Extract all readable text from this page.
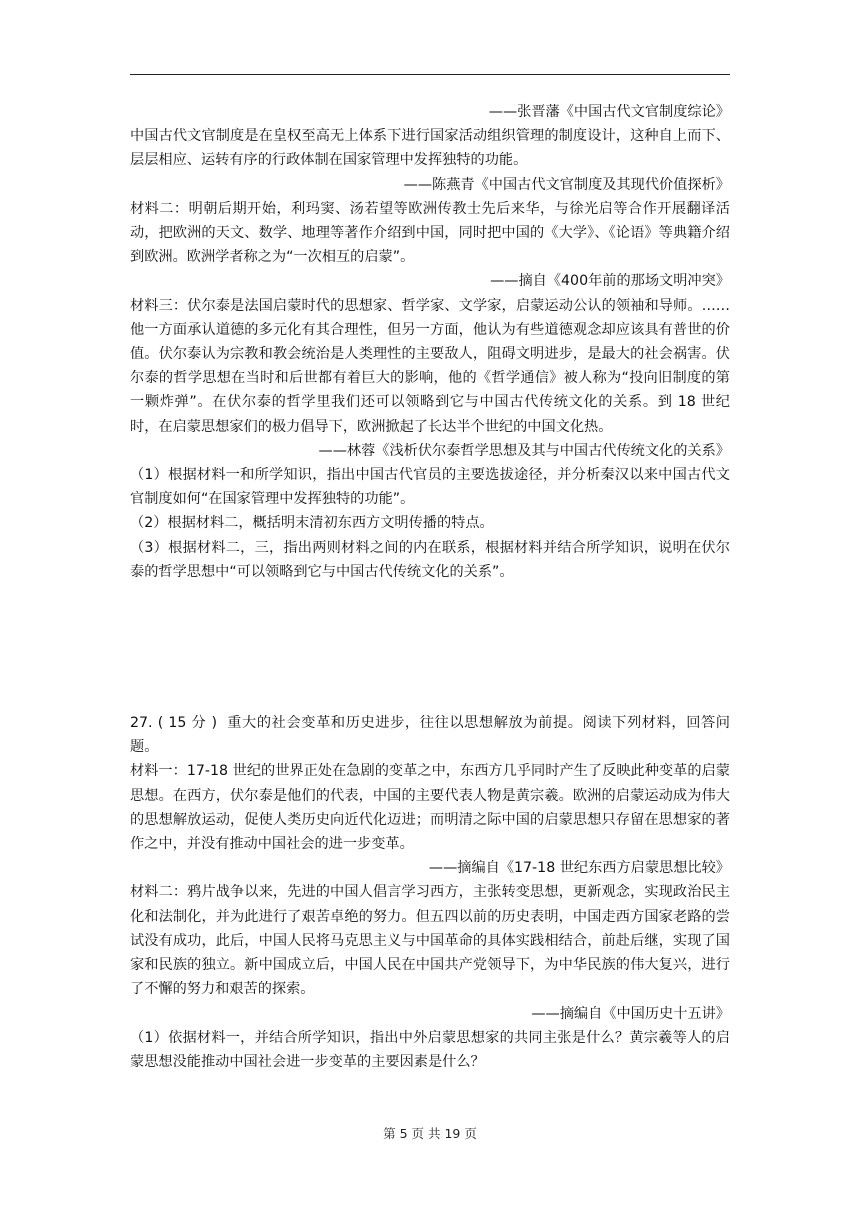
——张晋藩《中国古代文官制度综论》

中国古代文官制度是在皇权至高无上体系下进行国家活动组织管理的制度设计，这种自上而下、层层相应、运转有序的行政体制在国家管理中发挥独特的功能。

——陈燕青《中国古代文官制度及其现代价值探析》

材料二：明朝后期开始，利玛窦、汤若望等欧洲传教士先后来华，与徐光启等合作开展翻译活动，把欧洲的天文、数学、地理等著作介绍到中国，同时把中国的《大学》、《论语》等典籍介绍到欧洲。欧洲学者称之为“一次相互的启蒙”。

——摘自《400年前的那场文明冲突》

材料三：伏尔泰是法国启蒙时代的思想家、哲学家、文学家，启蒙运动公认的领袖和导师。……他一方面承认道德的多元化有其合理性，但另一方面，他认为有些道德观念却应该具有普世的价值。伏尔泰认为宗教和教会统治是人类理性的主要敌人，阻碍文明进步，是最大的社会祸害。伏尔泰的哲学思想在当时和后世都有着巨大的影响，他的《哲学通信》被人称为“投向旧制度的第一颗炸弹”。在伏尔泰的哲学里我们还可以领略到它与中国古代传统文化的关系。到 18 世纪时，在启蒙思想家们的极力倡导下，欧洲掀起了长达半个世纪的中国文化热。

——林蓉《浅析伏尔泰哲学思想及其与中国古代传统文化的关系》

（1）根据材料一和所学知识，指出中国古代官员的主要选拔途径，并分析秦汉以来中国古代文官制度如何“在国家管理中发挥独特的功能”。

（2）根据材料二，概括明末清初东西方文明传播的特点。

（3）根据材料二，三，指出两则材料之间的内在联系，根据材料并结合所学知识，说明在伏尔泰的哲学思想中“可以领略到它与中国古代传统文化的关系”。

27. ( 15 分 )  重大的社会变革和历史进步，往往以思想解放为前提。阅读下列材料，回答问题。

材料一：17-18 世纪的世界正处在急剧的变革之中，东西方几乎同时产生了反映此种变革的启蒙思想。在西方，伏尔泰是他们的代表，中国的主要代表人物是黄宗羲。欧洲的启蒙运动成为伟大的思想解放运动，促使人类历史向近代化迈进；而明清之际中国的启蒙思想只存留在思想家的著作之中，并没有推动中国社会的进一步变革。

——摘编自《17-18 世纪东西方启蒙思想比较》

材料二：鸦片战争以来，先进的中国人倡言学习西方，主张转变思想，更新观念，实现政治民主化和法制化，并为此进行了艰苦卓绝的努力。但五四以前的历史表明，中国走西方国家老路的尝试没有成功，此后，中国人民将马克思主义与中国革命的具体实践相结合，前赴后继，实现了国家和民族的独立。新中国成立后，中国人民在中国共产党领导下，为中华民族的伟大复兴，进行了不懈的努力和艰苦的探索。

——摘编自《中国历史十五讲》

（1）依据材料一，并结合所学知识，指出中外启蒙思想家的共同主张是什么？黄宗羲等人的启蒙思想没能推动中国社会进一步变革的主要因素是什么？

第 5 页 共 19 页
